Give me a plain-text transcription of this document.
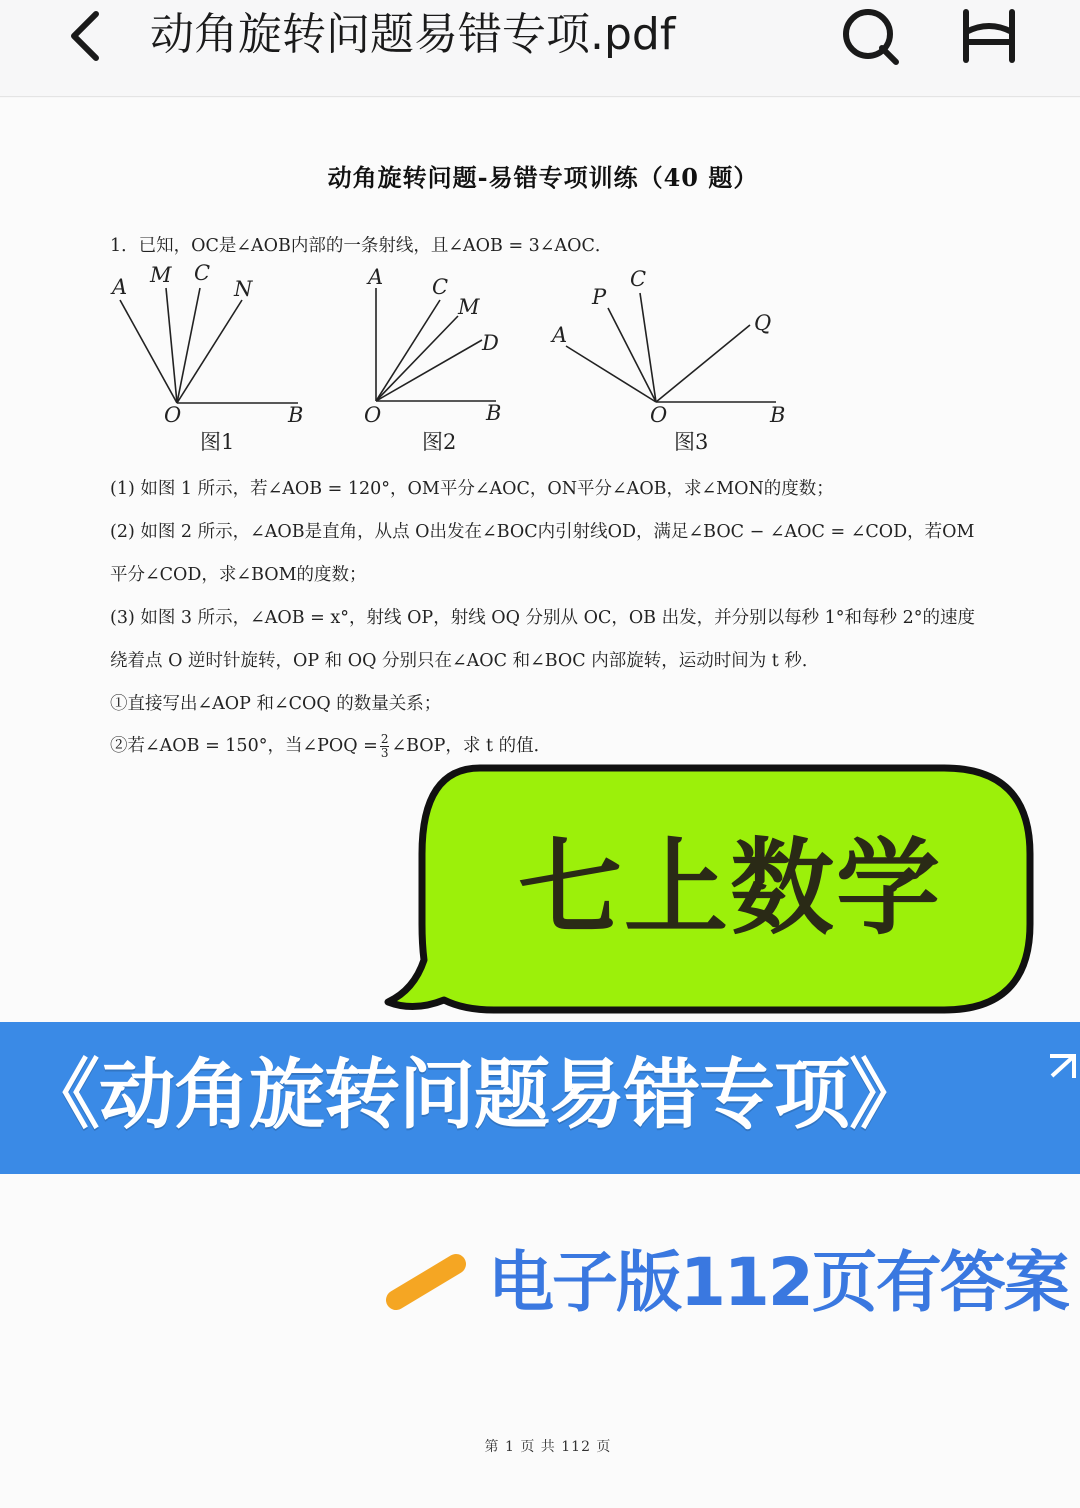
动角旋转问题易错专项.pdf
动角旋转问题-易错专项训练（40 题）
1．已知，OC是∠AOB内部的一条射线，且∠AOB = 3∠AOC．
A M C
N
O	B
A C
M
D
O	B
P
C
Q
A
O	B
图1	图2	图3
(1) 如图 1 所示，若∠AOB = 120°，OM平分∠AOC，ON平分∠AOB，求∠MON的度数；
(2) 如图 2 所示，∠AOB是直角，从点 O出发在∠BOC内引射线OD，满足∠BOC − ∠AOC = ∠COD，若OM
平分∠COD，求∠BOM的度数；
(3) 如图 3 所示，∠AOB = x°，射线 OP，射线 OQ 分别从 OC，OB 出发，并分别以每秒 1°和每秒 2°的速度
绕着点 O 逆时针旋转，OP 和 OQ 分别只在∠AOC 和∠BOC 内部旋转，运动时间为 t 秒．
①直接写出∠AOP 和∠COQ 的数量关系；
②若∠AOB = 150°，当∠POQ = $\frac{2}{3}$ ∠BOP，求 t 的值．
第 1 页 共 112 页
七上数学
《动角旋转问题易错专项》
电子版112页有答案
